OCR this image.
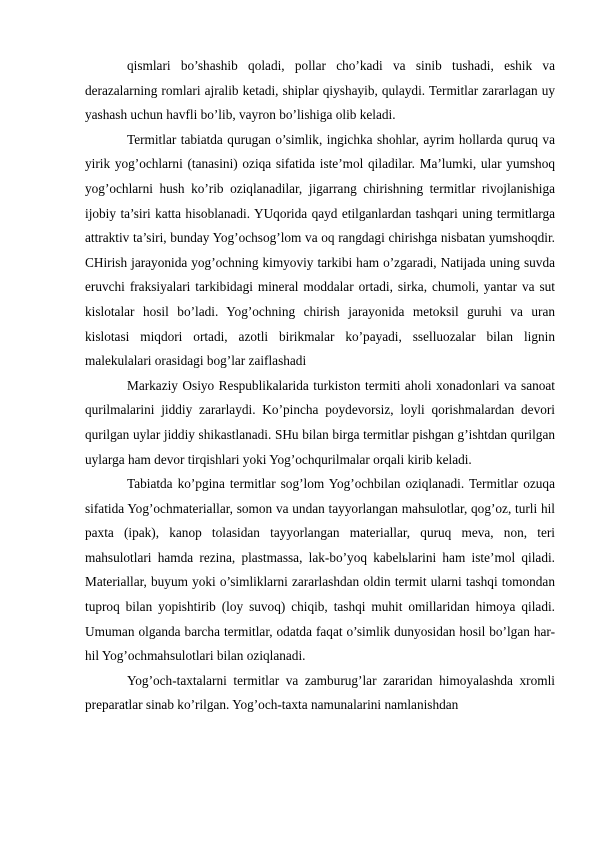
qismlari bo’shashib qoladi, pollar cho’kadi va sinib tushadi, eshik va derazalarning romlari ajralib ketadi, shiplar qiyshayib, qulaydi. Termitlar zararlagan uy yashash uchun havfli bo’lib, vayron bo’lishiga olib keladi.

Termitlar tabiatda qurugan o’simlik, ingichka shohlar, ayrim hollarda quruq va yirik yog’ochlarni (tanasini) oziqa sifatida iste’mol qiladilar. Ma’lumki, ular yumshoq yog’ochlarni hush ko’rib oziqlanadilar, jigarrang chirishning termitlar rivojlanishiga ijobiy ta’siri katta hisoblanadi. YUqorida qayd etilganlardan tashqari uning termitlarga attraktiv ta’siri, bunday Yog’ochsog’lom va oq rangdagi chirishga nisbatan yumshoqdir. CHirish jarayonida yog’ochning kimyoviy tarkibi ham o’zgaradi, Natijada uning suvda eruvchi fraksiyalari tarkibidagi mineral moddalar ortadi, sirka, chumoli, yantar va sut kislotalar hosil bo’ladi. Yog’ochning chirish jarayonida metoksil guruhi va uran kislotasi miqdori ortadi, azotli birikmalar ko’payadi, sselluozalar bilan lignin malekulalari orasidagi bog’lar zaiflashadi

Markaziy Osiyo Respublikalarida turkiston termiti aholi xonadonlari va sanoat qurilmalarini jiddiy zararlaydi. Ko’pincha poydevorsiz, loyli qorishmalardan devori qurilgan uylar jiddiy shikastlanadi. SHu bilan birga termitlar pishgan g’ishtdan qurilgan uylarga ham devor tirqishlari yoki Yog’ochqurilmalar orqali kirib keladi.

Tabiatda ko’pgina termitlar sog’lom Yog’ochbilan oziqlanadi. Termitlar ozuqa sifatida Yog’ochmateriallar, somon va undan tayyorlangan mahsulotlar, qog’oz, turli hil paxta (ipak), kanop tolasidan tayyorlangan materiallar, quruq meva, non, teri mahsulotlari hamda rezina, plastmassa, lak-bo’yoq kabelьlarini ham iste’mol qiladi. Materiallar, buyum yoki o’simliklarni zararlashdan oldin termit ularni tashqi tomondan tuproq bilan yopishtirib (loy suvoq) chiqib, tashqi muhit omillaridan himoya qiladi. Umuman olganda barcha termitlar, odatda faqat o’simlik dunyosidan hosil bo’lgan har-hil Yog’ochmahsulotlari bilan oziqlanadi.

Yog’och-taxtalarni termitlar va zamburug’lar zararidan himoyalashda xromli preparatlar sinab ko’rilgan. Yog’och-taxta namunalarini namlanishdan
